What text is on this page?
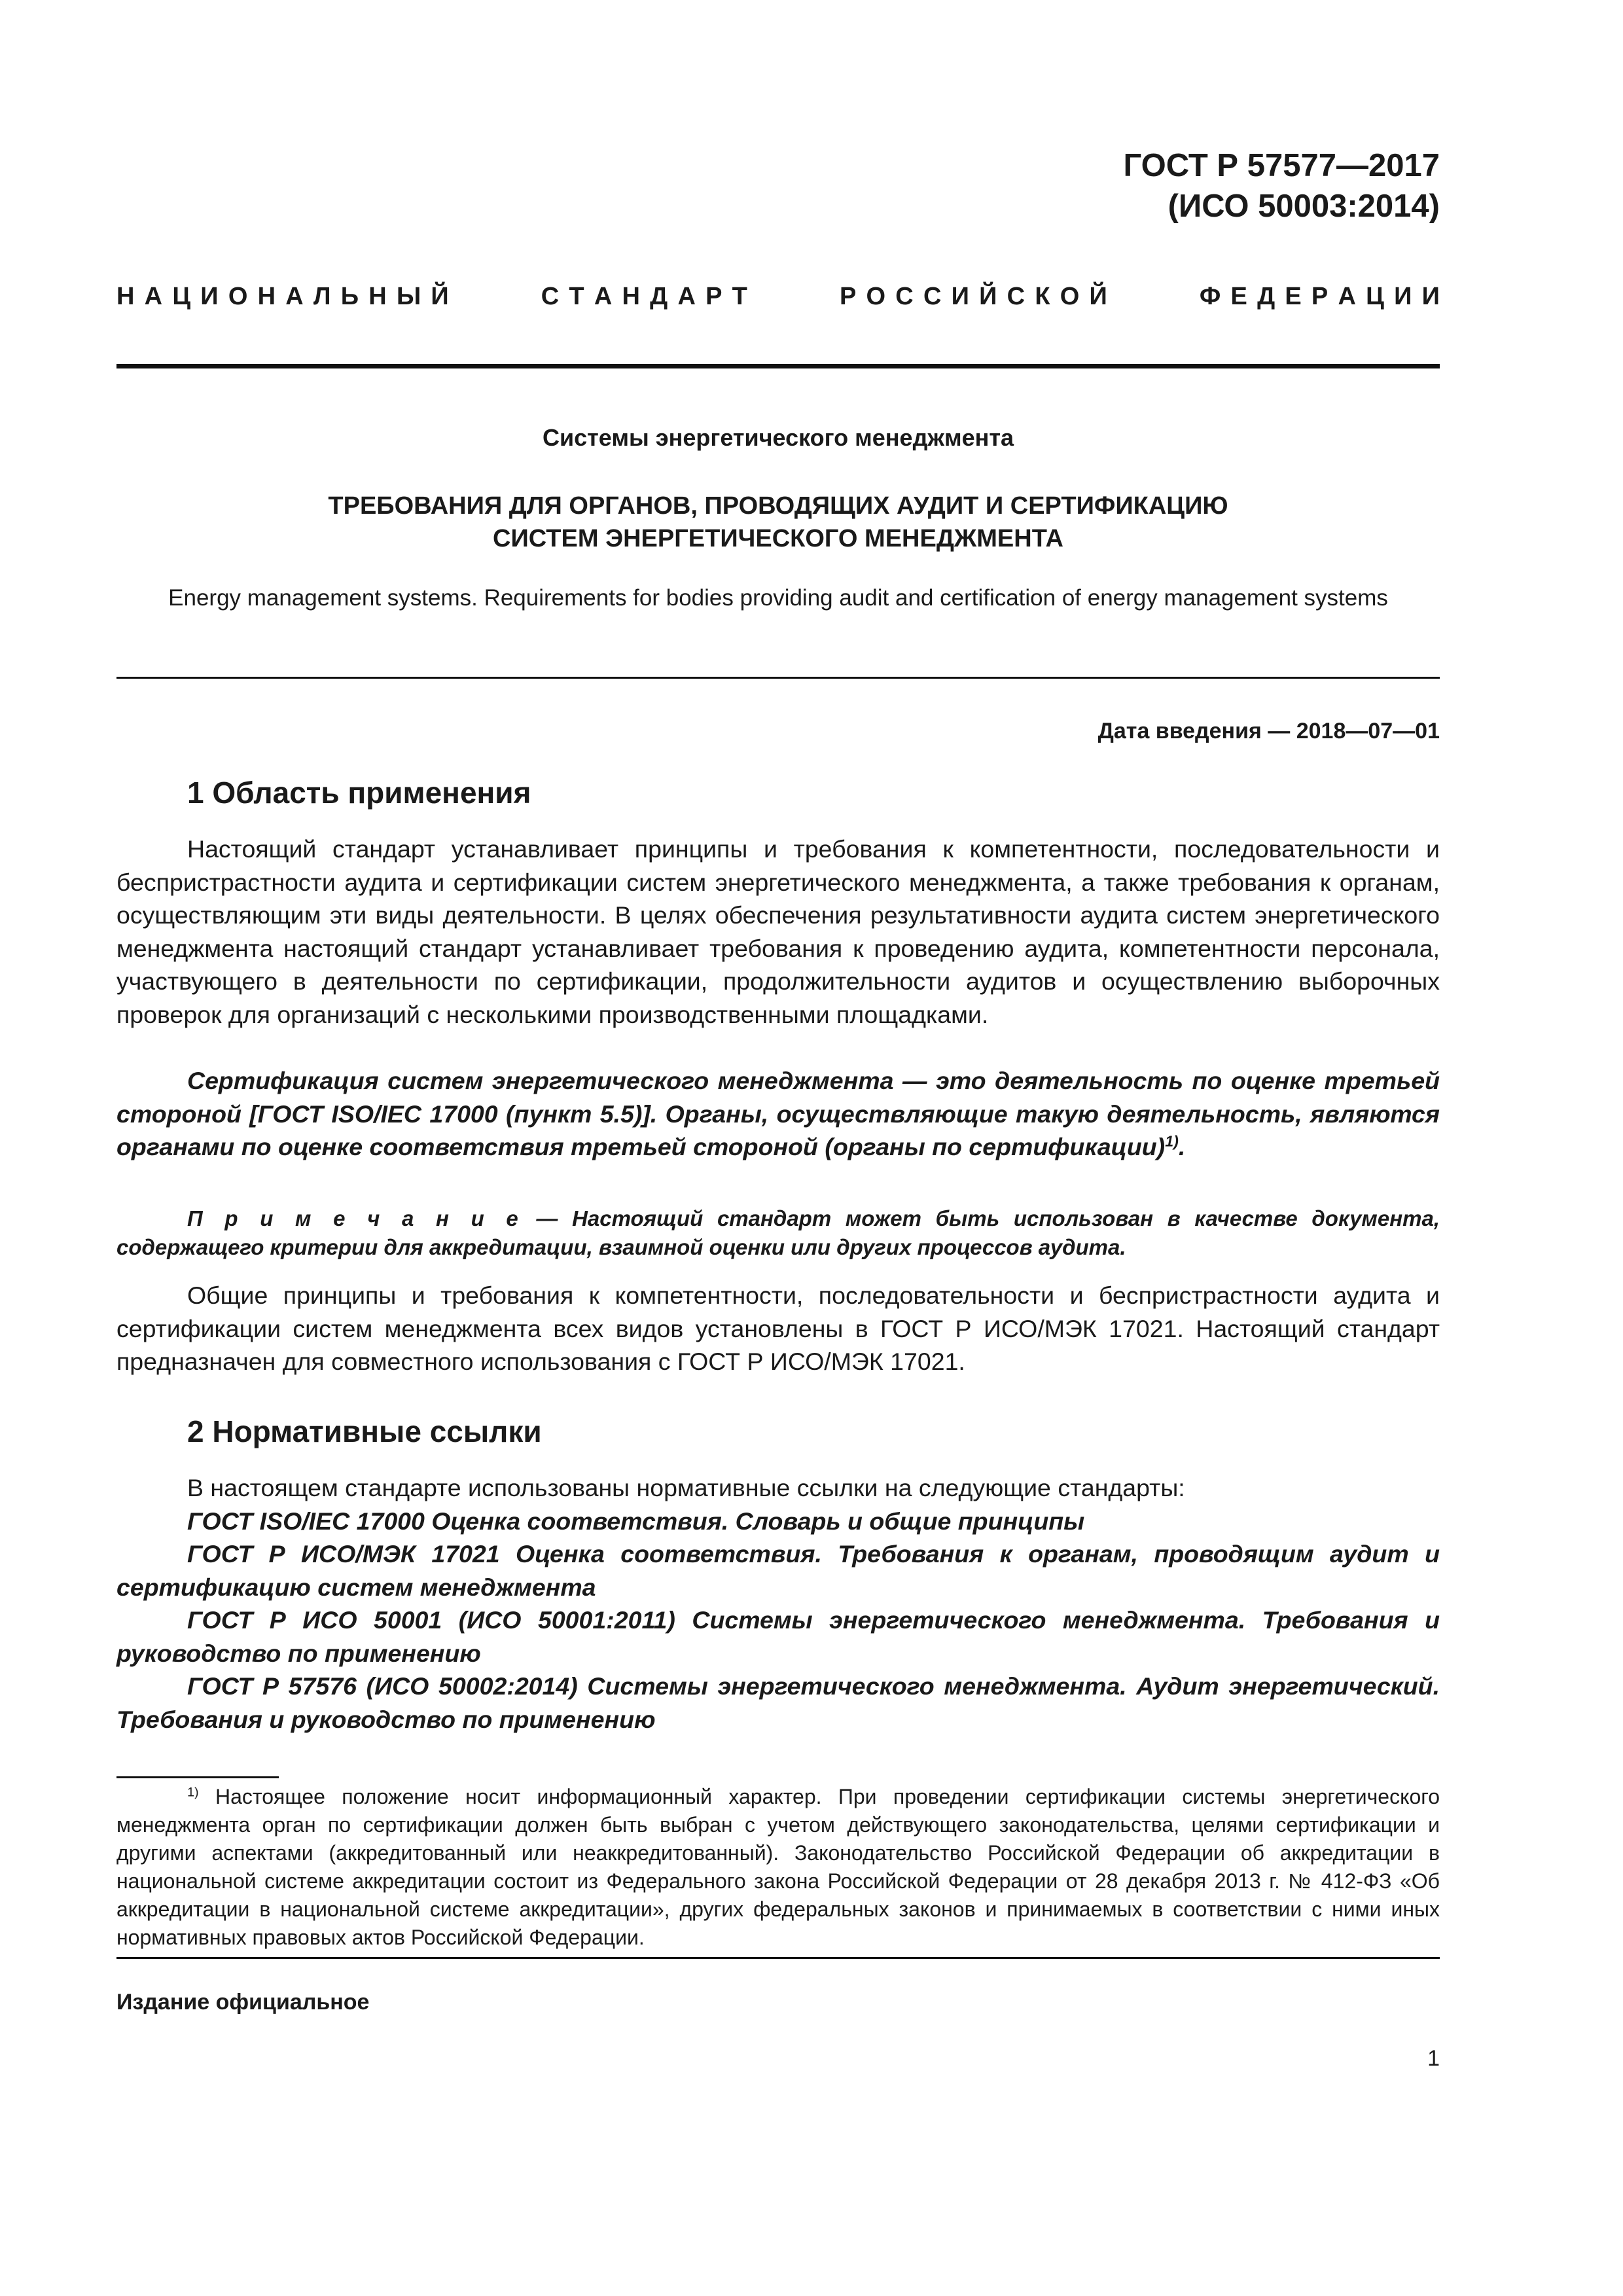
ГОСТ Р 57577—2017
(ИСО 50003:2014)
Н  А  Ц  И  О  Н  А  Л  Ь  Н  Ы  Й	С  Т  А  Н  Д  А  Р  Т	Р  О  С  С  И  Й  С  К  О  Й	Ф  Е  Д  Е  Р  А  Ц  И  И
Системы энергетического менеджмента
ТРЕБОВАНИЯ ДЛЯ ОРГАНОВ, ПРОВОДЯЩИХ АУДИТ И СЕРТИФИКАЦИЮ
СИСТЕМ ЭНЕРГЕТИЧЕСКОГО МЕНЕДЖМЕНТА
Energy management systems. Requirements for bodies providing audit and certification of energy management systems
Дата введения — 2018—07—01
1 Область применения
Настоящий стандарт устанавливает принципы и требования к компетентности, последовательности и беспристрастности аудита и сертификации систем энергетического менеджмента, а также требования к органам, осуществляющим эти виды деятельности. В целях обеспечения результативности аудита систем энергетического менеджмента настоящий стандарт устанавливает требования к проведению аудита, компетентности персонала, участвующего в деятельности по сертификации, продолжительности аудитов и осуществлению выборочных проверок для организаций с несколькими производственными площадками.
Сертификация систем энергетического менеджмента — это деятельность по оценке третьей стороной [ГОСТ ISO/IEC 17000 (пункт 5.5)]. Органы, осуществляющие такую деятельность, являются органами по оценке соответствия третьей стороной (органы по сертификации)$^{1)}$.
П р и м е ч а н и е — Настоящий стандарт может быть использован в качестве документа, содержащего критерии для аккредитации, взаимной оценки или других процессов аудита.
Общие принципы и требования к компетентности, последовательности и беспристрастности аудита и сертификации систем менеджмента всех видов установлены в ГОСТ Р ИСО/МЭК 17021. Настоящий стандарт предназначен для совместного использования с ГОСТ Р ИСО/МЭК 17021.
2 Нормативные ссылки
В настоящем стандарте использованы нормативные ссылки на следующие стандарты:
ГОСТ ISO/IEC 17000 Оценка соответствия. Словарь и общие принципы
ГОСТ Р ИСО/МЭК 17021 Оценка соответствия. Требования к органам, проводящим аудит и сертификацию систем менеджмента
ГОСТ Р ИСО 50001 (ИСО 50001:2011) Системы энергетического менеджмента. Требования и руководство по применению
ГОСТ Р 57576 (ИСО 50002:2014) Системы энергетического менеджмента. Аудит энергетический. Требования и руководство по применению
$^{1)}$ Настоящее положение носит информационный характер. При проведении сертификации системы энергетического менеджмента орган по сертификации должен быть выбран с учетом действующего законодательства, целями сертификации и другими аспектами (аккредитованный или неаккредитованный). Законодательство Российской Федерации об аккредитации в национальной системе аккредитации состоит из Федерального закона Российской Федерации от 28 декабря 2013 г. № 412-ФЗ «Об аккредитации в национальной системе аккредитации», других федеральных законов и принимаемых в соответствии с ними иных нормативных правовых актов Российской Федерации.
Издание официальное
1
